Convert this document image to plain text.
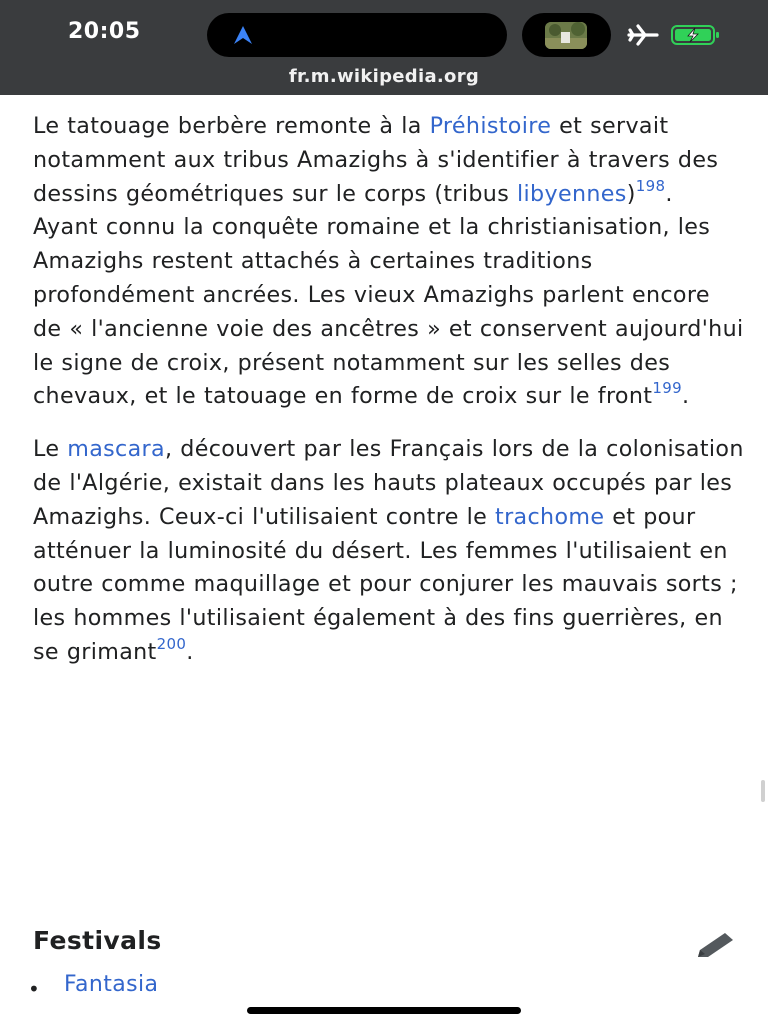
20:05
fr.m.wikipedia.org

Le tatouage berbère remonte à la Préhistoire et servait notamment aux tribus Amazighs à s'identifier à travers des dessins géométriques sur le corps (tribus libyennes)$^{198}$. Ayant connu la conquête romaine et la christianisation, les Amazighs restent attachés à certaines traditions profondément ancrées. Les vieux Amazighs parlent encore de « l'ancienne voie des ancêtres » et conservent aujourd'hui le signe de croix, présent notamment sur les selles des chevaux, et le tatouage en forme de croix sur le front$^{199}$.

Le mascara, découvert par les Français lors de la colonisation de l'Algérie, existait dans les hauts plateaux occupés par les Amazighs. Ceux-ci l'utilisaient contre le trachome et pour atténuer la luminosité du désert. Les femmes l'utilisaient en outre comme maquillage et pour conjurer les mauvais sorts ; les hommes l'utilisaient également à des fins guerrières, en se grimant$^{200}$.

Festivals
• Fantasia
